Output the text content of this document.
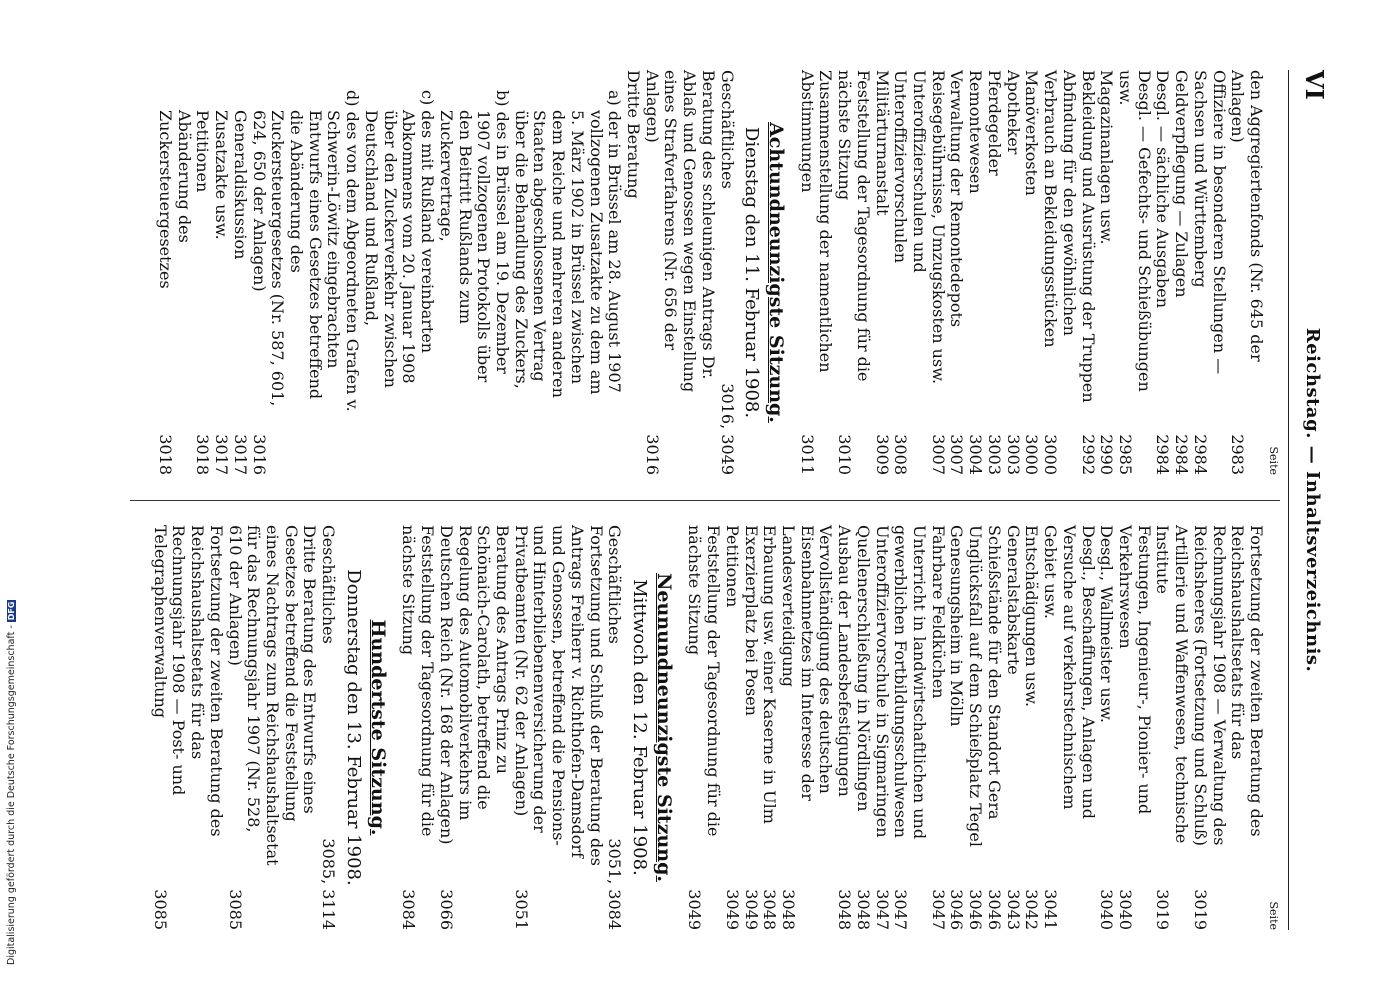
VI
Reichstag. — Inhaltsverzeichnis.
Seite
den Aggregiertenfonds (Nr. 645 der Anlagen)
2983
Offiziere in besonderen Stellungen — Sachsen und Württemberg
2984
Geldverpflegung — Zulagen
2984
Desgl. — sächliche Ausgaben
2984
Desgl. — Gefechts- und Schießübungen usw.
2985
Magazinanlagen usw.
2990
Bekleidung und Ausrüstung der Truppen
2992
Abfindung für den gewöhnlichen Verbrauch an Bekleidungsstücken
3000
Manöverkosten
3000
Apotheker
3003
Pferdegelder
3003
Remontewesen
3004
Verwaltung der Remontedepots
3007
Reisegebührnisse, Umzugskosten usw.
3007
Unteroffizierschulen und Unteroffiziervorschulen
3008
Militärturnanstalt
3009
Feststellung der Tagesordnung für die nächste Sitzung
3010
Zusammenstellung der namentlichen Abstimmungen
3011
Achtundneunzigste Sitzung.
Dienstag den 11. Februar 1908.
Geschäftliches
3016, 3049
Beratung des schleunigen Antrags Dr. Ablaß und Genossen wegen Einstellung eines Strafverfahrens (Nr. 656 der Anlagen)
3016
Dritte Beratung
a) der in Brüssel am 28. August 1907 vollzogenen Zusatzakte zu dem am 5. März 1902 in Brüssel zwischen dem Reiche und mehreren anderen Staaten abgeschlossenen Vertrag über die Behandlung des Zuckers,
b) des in Brüssel am 19. Dezember 1907 vollzogenen Protokolls über den Beitritt Rußlands zum Zuckervertrage,
c) des mit Rußland vereinbarten Abkommens vom 20. Januar 1908 über den Zuckerverkehr zwischen Deutschland und Rußland,
d) des von dem Abgeordneten Grafen v. Schwerin-Löwitz eingebrachten Entwurfs eines Gesetzes betreffend die Abänderung des Zuckersteuergesetzes (Nr. 587, 601, 624, 650 der Anlagen)
3016
Generaldiskussion
3017
Zusatzakte usw.
3017
Petitionen
3018
Abänderung des Zuckersteuergesetzes
3018
Seite
Fortsetzung der zweiten Beratung des Reichshaushaltsetats für das Rechnungsjahr 1908 — Verwaltung des Reichsheeres (Fortsetzung und Schluß)
3019
Artillerie und Waffenwesen, technische Institute
3019
Festungen, Ingenieur-, Pionier- und Verkehrswesen
3040
Desgl., Wallmeister usw.
3040
Desgl., Beschaffungen, Anlagen und Versuche auf verkehrstechnischem Gebiet usw.
3041
Entschädigungen usw.
3042
Generalstabskarte
3043
Schießstände für den Standort Gera
3046
Unglücksfall auf dem Schießplatz Tegel
3046
Genesungsheim in Mölln
3046
Fahrbare Feldküchen
3047
Unterricht in landwirtschaftlichen und gewerblichen Fortbildungsschulwesen
3047
Unteroffiziervorschule in Sigmaringen
3047
Quellenerschließung in Nördlingen
3048
Ausbau der Landesbefestigungen
3048
Vervollständigung des deutschen Eisenbahnnetzes im Interesse der Landesverteidigung
3048
Erbauung usw. einer Kaserne in Ulm
3048
Exerzierplatz bei Posen
3049
Petitionen
3049
Feststellung der Tagesordnung für die nächste Sitzung
3049
Neunundneunzigste Sitzung.
Mittwoch den 12. Februar 1908.
Geschäftliches
3051, 3084
Fortsetzung und Schluß der Beratung des Antrags Freiherr v. Richthofen-Damsdorf und Genossen, betreffend die Pensions- und Hinterbliebenenversicherung der Privatbeamten (Nr. 62 der Anlagen)
3051
Beratung des Antrags Prinz zu Schönaich-Carolath, betreffend die Regelung des Automobilverkehrs im Deutschen Reich (Nr. 168 der Anlagen)
3066
Feststellung der Tagesordnung für die nächste Sitzung
3084
Hundertste Sitzung.
Donnerstag den 13. Februar 1908.
Geschäftliches
3085, 3114
Dritte Beratung des Entwurfs eines Gesetzes betreffend die Feststellung eines Nachtrags zum Reichshaushaltsetat für das Rechnungsjahr 1907 (Nr. 528, 610 der Anlagen)
3085
Fortsetzung der zweiten Beratung des Reichshaushaltsetats für das Rechnungsjahr 1908 — Post- und Telegraphenverwaltung
3085
Digitalisierung gefördert durch die Deutsche Forschungsgemeinschaft -DFG
